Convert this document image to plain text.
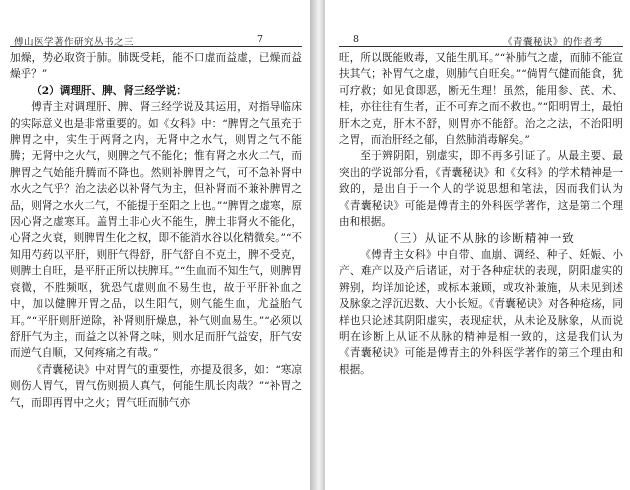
傅山医学著作研究丛书之三	7

加燥，势必取资于肺。肺既受耗，能不口虚而益虚，已燥而益燥乎？”

（2）调理肝、脾、肾三经学说：

傅青主对调理肝、脾、肾三经学说及其运用，对指导临床的实际意义也是非常重要的。如《女科》中：“脾胃之气虽充于脾胃之中，实生于两肾之内，无肾中之水气，则胃之气不能腾；无肾中之火气，则脾之气不能化；惟有肾之水火二气，而脾胃之气始能升腾而不降也。然则补脾胃之气，可不急补肾中水火之气乎？治之法必以补肾气为主，但补肾而不兼补脾胃之品，则肾之水火二气，不能提于至阳之上也。”“脾胃之虚寒，原因心肾之虚寒耳。盖胃土非心火不能生，脾土非肾火不能化，心肾之火衰，则脾胃生化之权，即不能消水谷以化精微矣。”“不知用芍药以平肝，则肝气得舒，肝气舒自不克土，脾不受克，则脾土自旺，是平肝正所以扶脾耳。”“生血而不知生气，则脾胃衰微，不胜频呕，犹恐气虚则血不易生也，故于平肝补血之中，加以健脾开胃之品，以生阳气，则气能生血，尤益胎气耳。”“平肝则肝逆除，补肾则肝燥息，补气则血易生。”“必须以舒肝气为主，而益之以补肾之味，则水足而肝气益安，肝气安而逆气自顺，又何疼痛之有哉。”

《青囊秘诀》中对胃气的重要性，亦提及很多，如：“寒凉则伤人胃气，胃气伤则损人真气，何能生肌长肉哉？”“补胃之气，而即再胃中之火；胃气旺而肺气亦

8	《青囊秘诀》的作者考

旺，所以既能败毒，又能生肌耳。”“补肺气之虚，而肺不能宣扶其气；补胃气之虚，则肺气自旺矣。”“倘胃气健而能食，犹可疗救；如见食即恶，断无生理！虽然，能用参、芪、术、桂，亦往往有生者，正不可弃之而不救也。”“阳明胃土，最怕肝木之克，肝木不舒，则胃亦不能舒。治之之法，不治阳明之胃，而治肝经之郁，自然肺消毒解矣。”

至于辨阴阳，别虚实，即不再多引证了。从最主要、最突出的学说部分看，《青囊秘诀》和《女科》的学术精神是一致的，是出自于一个人的学说思想和笔法，因而我们认为《青囊秘诀》可能是傅青主的外科医学著作，这是第二个理由和根据。

（三）从证不从脉的诊断精神一致

《傅青主女科》中自带、血崩、调经、种子、妊娠、小产、难产以及产后诸证，对于各种症状的表现，阴阳虚实的辨别，均详加论述，或标本兼顾，或攻补兼施，从未见到述及脉象之浮沉迟数、大小长短。《青囊秘诀》对各种疮疡，同样也只论述其阴阳虚实，表现症状，从未论及脉象，从而说明在诊断上从证不从脉的精神是相一致的，这是我们认为《青囊秘诀》可能是傅青主的外科医学著作的第三个理由和根据。
